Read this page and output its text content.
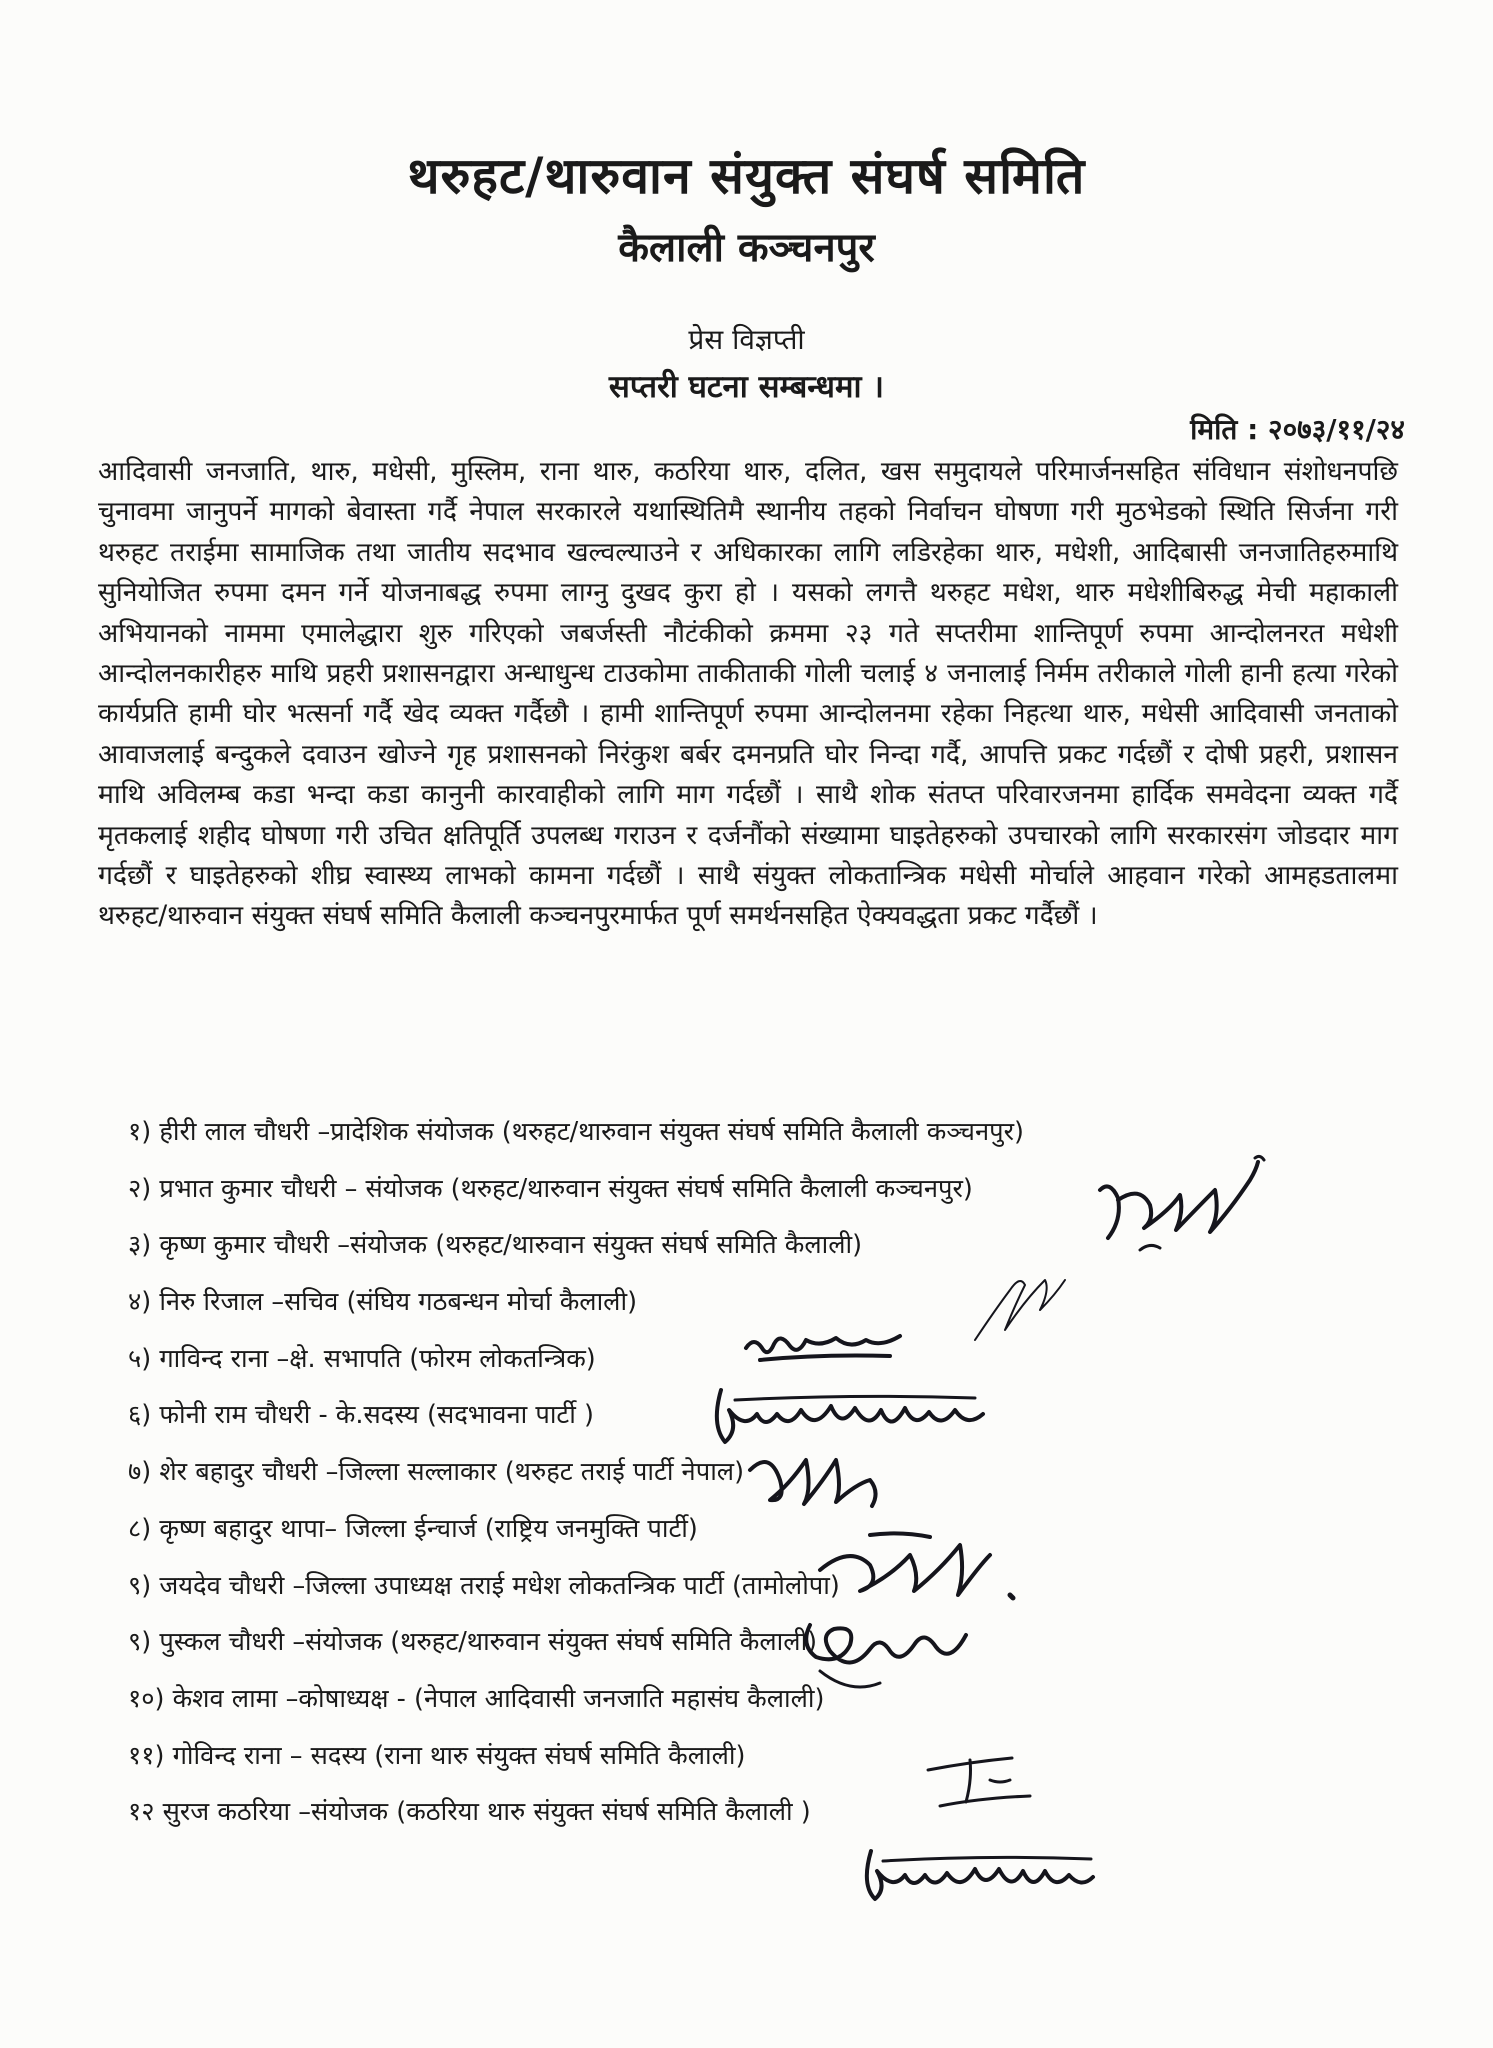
थरुहट/थारुवान संयुक्त संघर्ष समिति
कैलाली कञ्चनपुर
प्रेस विज्ञप्ती
सप्तरी घटना सम्बन्धमा ।
मिति : २०७३/११/२४

आदिवासी जनजाति, थारु, मधेसी, मुस्लिम, राना थारु, कठरिया थारु, दलित, खस समुदायले परिमार्जनसहित संविधान संशोधनपछि चुनावमा जानुपर्ने मागको बेवास्ता गर्दै नेपाल सरकारले यथास्थितिमै स्थानीय तहको निर्वाचन घोषणा गरी मुठभेडको स्थिति सिर्जना गरी थरुहट तराईमा सामाजिक तथा जातीय सदभाव खल्वल्याउने र अधिकारका लागि लडिरहेका थारु, मधेशी, आदिबासी जनजातिहरुमाथि सुनियोजित रुपमा दमन गर्ने योजनाबद्ध रुपमा लाग्नु दुखद कुरा हो । यसको लगत्तै थरुहट मधेश, थारु मधेशीबिरुद्ध मेची महाकाली अभियानको नाममा एमालेद्धारा शुरु गरिएको जबर्जस्ती नौटंकीको क्रममा २३ गते सप्तरीमा शान्तिपूर्ण रुपमा आन्दोलनरत मधेशी आन्दोलनकारीहरु माथि प्रहरी प्रशासनद्वारा अन्धाधुन्ध टाउकोमा ताकीताकी गोली चलाई ४ जनालाई निर्मम तरीकाले गोली हानी हत्या गरेको कार्यप्रति हामी घोर भत्सर्ना गर्दै खेद व्यक्त गर्दैछौ । हामी शान्तिपूर्ण रुपमा आन्दोलनमा रहेका निहत्था थारु, मधेसी आदिवासी जनताको आवाजलाई बन्दुकले दवाउन खोज्ने गृह प्रशासनको निरंकुश बर्बर दमनप्रति घोर निन्दा गर्दै, आपत्ति प्रकट गर्दछौं र दोषी प्रहरी, प्रशासन माथि अविलम्ब कडा भन्दा कडा कानुनी कारवाहीको लागि माग गर्दछौं । साथै शोक संतप्त परिवारजनमा हार्दिक समवेदना व्यक्त गर्दै मृतकलाई शहीद घोषणा गरी उचित क्षतिपूर्ति उपलब्ध गराउन र दर्जनौंको संख्यामा घाइतेहरुको उपचारको लागि सरकारसंग जोडदार माग गर्दछौं र घाइतेहरुको शीघ्र स्वास्थ्य लाभको कामना गर्दछौं । साथै संयुक्त लोकतान्त्रिक मधेसी मोर्चाले आहवान गरेको आमहडतालमा थरुहट/थारुवान संयुक्त संघर्ष समिति कैलाली कञ्चनपुरमार्फत पूर्ण समर्थनसहित ऐक्यवद्धता प्रकट गर्दैछौं ।

१) हीरी लाल चौधरी –प्रादेशिक संयोजक (थरुहट/थारुवान संयुक्त संघर्ष समिति कैलाली कञ्चनपुर)
२) प्रभात कुमार चौधरी – संयोजक (थरुहट/थारुवान संयुक्त संघर्ष समिति कैलाली कञ्चनपुर)
३) कृष्ण कुमार चौधरी –संयोजक (थरुहट/थारुवान संयुक्त संघर्ष समिति कैलाली)
४) निरु रिजाल –सचिव (संघिय गठबन्धन मोर्चा कैलाली)
५) गाविन्द राना –क्षे. सभापति (फोरम लोकतन्त्रिक)
६) फोनी राम चौधरी - के.सदस्य (सदभावना पार्टी )
७) शेर बहादुर चौधरी –जिल्ला सल्लाकार (थरुहट तराई पार्टी नेपाल)
८) कृष्ण बहादुर थापा– जिल्ला ईन्चार्ज (राष्ट्रिय जनमुक्ति पार्टी)
९) जयदेव चौधरी –जिल्ला उपाध्यक्ष तराई मधेश लोकतन्त्रिक पार्टी (तामोलोपा)
९) पुस्कल चौधरी –संयोजक (थरुहट/थारुवान संयुक्त संघर्ष समिति कैलाली)
१०) केशव लामा –कोषाध्यक्ष - (नेपाल आदिवासी जनजाति महासंघ कैलाली)
११) गोविन्द राना – सदस्य (राना थारु संयुक्त संघर्ष समिति कैलाली)
१२ सुरज कठरिया –संयोजक (कठरिया थारु संयुक्त संघर्ष समिति कैलाली )
